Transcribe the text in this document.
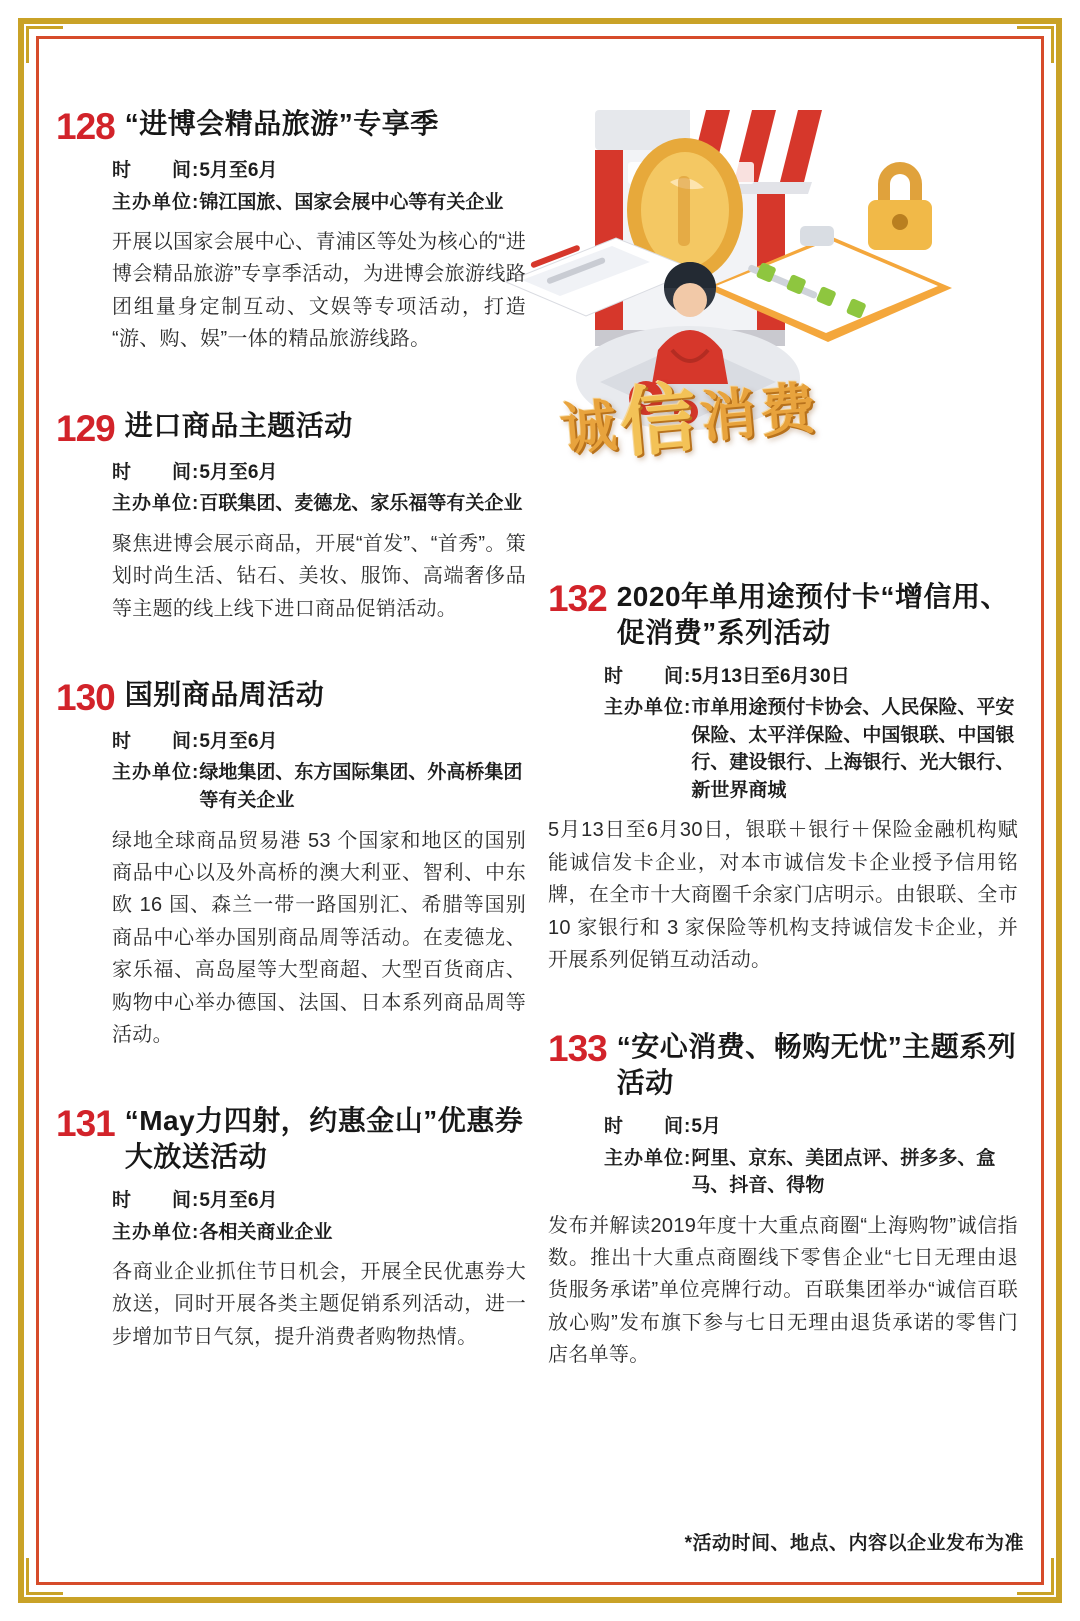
诚信消费
128 “进博会精品旅游”专享季
时　　间: 5月至6月
主办单位: 锦江国旅、国家会展中心等有关企业
开展以国家会展中心、青浦区等处为核心的“进博会精品旅游”专享季活动，为进博会旅游线路团组量身定制互动、文娱等专项活动，打造“游、购、娱”一体的精品旅游线路。
129 进口商品主题活动
时　　间: 5月至6月
主办单位: 百联集团、麦德龙、家乐福等有关企业
聚焦进博会展示商品，开展“首发”、“首秀”。策划时尚生活、钻石、美妆、服饰、高端奢侈品等主题的线上线下进口商品促销活动。
130 国别商品周活动
时　　间: 5月至6月
主办单位: 绿地集团、东方国际集团、外高桥集团等有关企业
绿地全球商品贸易港 53 个国家和地区的国别商品中心以及外高桥的澳大利亚、智利、中东欧 16 国、森兰一带一路国别汇、希腊等国别商品中心举办国别商品周等活动。在麦德龙、家乐福、高岛屋等大型商超、大型百货商店、购物中心举办德国、法国、日本系列商品周等活动。
131 “May力四射，约惠金山”优惠券大放送活动
时　　间: 5月至6月
主办单位: 各相关商业企业
各商业企业抓住节日机会，开展全民优惠券大放送，同时开展各类主题促销系列活动，进一步增加节日气氛，提升消费者购物热情。
132 2020年单用途预付卡“增信用、促消费”系列活动
时　　间: 5月13日至6月30日
主办单位: 市单用途预付卡协会、人民保险、平安保险、太平洋保险、中国银联、中国银行、建设银行、上海银行、光大银行、新世界商城
5月13日至6月30日，银联＋银行＋保险金融机构赋能诚信发卡企业，对本市诚信发卡企业授予信用铭牌，在全市十大商圈千余家门店明示。由银联、全市 10 家银行和 3 家保险等机构支持诚信发卡企业，并开展系列促销互动活动。
133 “安心消费、畅购无忧”主题系列活动
时　　间: 5月
主办单位: 阿里、京东、美团点评、拼多多、盒马、抖音、得物
发布并解读2019年度十大重点商圈“上海购物”诚信指数。推出十大重点商圈线下零售企业“七日无理由退货服务承诺”单位亮牌行动。百联集团举办“诚信百联放心购”发布旗下参与七日无理由退货承诺的零售门店名单等。
*活动时间、地点、内容以企业发布为准
